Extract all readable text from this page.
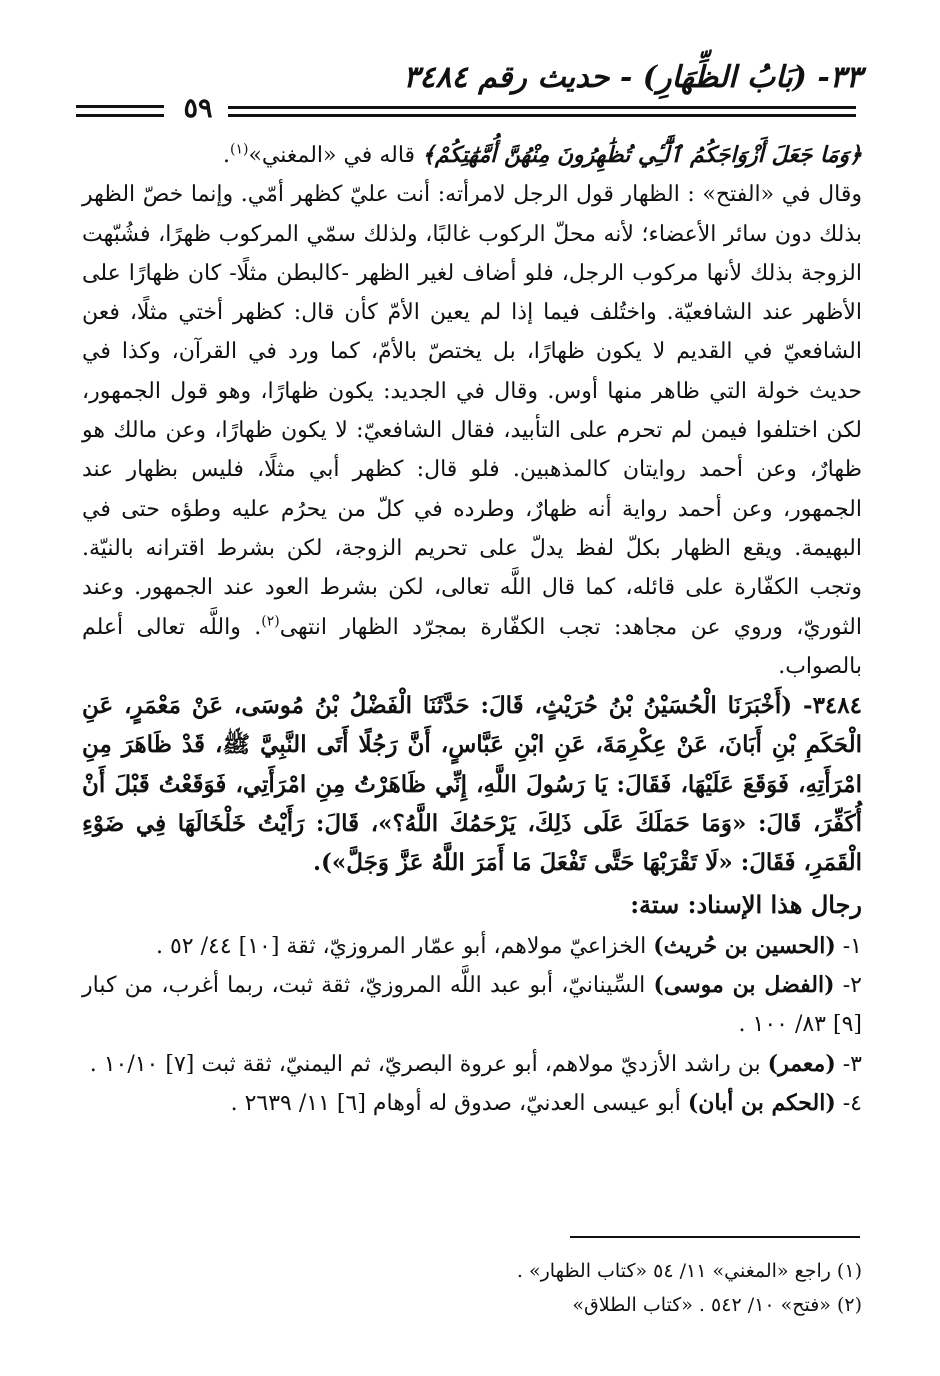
٣٣- (بَابُ الظِّهَارِ) - حديث رقم ٣٤٨٤
٥٩

﴿وَمَا جَعَلَ أَزْوَاجَكُمُ ٱلَّٰٓـِٔي تُظَٰهِرُونَ مِنْهُنَّ أُمَّهَٰتِكُمْ﴾ قاله في «المغني»$^{(١)}$.

وقال في «الفتح» : الظهار قول الرجل لامرأته: أنت عليّ كظهر أمّي. وإنما خصّ الظهر بذلك دون سائر الأعضاء؛ لأنه محلّ الركوب غالبًا، ولذلك سمّي المركوب ظهرًا، فشُبّهت الزوجة بذلك لأنها مركوب الرجل، فلو أضاف لغير الظهر -كالبطن مثلًا- كان ظهارًا على الأظهر عند الشافعيّة. واختُلف فيما إذا لم يعين الأمّ كأن قال: كظهر أختي مثلًا، فعن الشافعيّ في القديم لا يكون ظهارًا، بل يختصّ بالأمّ، كما ورد في القرآن، وكذا في حديث خولة التي ظاهر منها أوس. وقال في الجديد: يكون ظهارًا، وهو قول الجمهور، لكن اختلفوا فيمن لم تحرم على التأبيد، فقال الشافعيّ: لا يكون ظهارًا، وعن مالك هو ظهارٌ، وعن أحمد روايتان كالمذهبين. فلو قال: كظهر أبي مثلًا، فليس بظهار عند الجمهور، وعن أحمد رواية أنه ظهارٌ، وطرده في كلّ من يحرُم عليه وطؤه حتى في البهيمة. ويقع الظهار بكلّ لفظ يدلّ على تحريم الزوجة، لكن بشرط اقترانه بالنيّة. وتجب الكفّارة على قائله، كما قال اللَّه تعالى، لكن بشرط العود عند الجمهور. وعند الثوريّ، وروي عن مجاهد: تجب الكفّارة بمجرّد الظهار انتهى$^{(٢)}$. واللَّه تعالى أعلم بالصواب.

٣٤٨٤- (أَخْبَرَنَا الْحُسَيْنُ بْنُ حُرَيْثٍ، قَالَ: حَدَّثَنَا الْفَضْلُ بْنُ مُوسَى، عَنْ مَعْمَرٍ، عَنِ الْحَكَمِ بْنِ أَبَانَ، عَنْ عِكْرِمَةَ، عَنِ ابْنِ عَبَّاسٍ، أَنَّ رَجُلًا أَتَى النَّبِيَّ ﷺ، قَدْ ظَاهَرَ مِنِ امْرَأَتِهِ، فَوَقَعَ عَلَيْهَا، فَقَالَ: يَا رَسُولَ اللَّهِ، إِنِّي ظَاهَرْتُ مِنِ امْرَأَتِي، فَوَقَعْتُ قَبْلَ أَنْ أُكَفِّرَ، قَالَ: «وَمَا حَمَلَكَ عَلَى ذَلِكَ، يَرْحَمُكَ اللَّهُ؟»، قَالَ: رَأَيْتُ خَلْخَالَهَا فِي ضَوْءِ الْقَمَرِ، فَقَالَ: «لَا تَقْرَبْهَا حَتَّى تَفْعَلَ مَا أَمَرَ اللَّهُ عَزَّ وَجَلَّ»).

رجال هذا الإسناد: ستة:

١- (الحسين بن حُريث) الخزاعيّ مولاهم، أبو عمّار المروزيّ، ثقة [١٠] ٤٤/ ٥٢ .

٢- (الفضل بن موسى) السِّينانيّ، أبو عبد اللَّه المروزيّ، ثقة ثبت، ربما أغرب، من كبار [٩] ٨٣/ ١٠٠ .

٣- (معمر) بن راشد الأزديّ مولاهم، أبو عروة البصريّ، ثم اليمنيّ، ثقة ثبت [٧] ١٠/١٠ .

٤- (الحكم بن أبان) أبو عيسى العدنيّ، صدوق له أوهام [٦] ١١/ ٢٦٣٩ .

(١) راجع «المغني» ١١/ ٥٤ «كتاب الظهار» .

(٢) «فتح» ١٠/ ٥٤٢ . «كتاب الطلاق»
